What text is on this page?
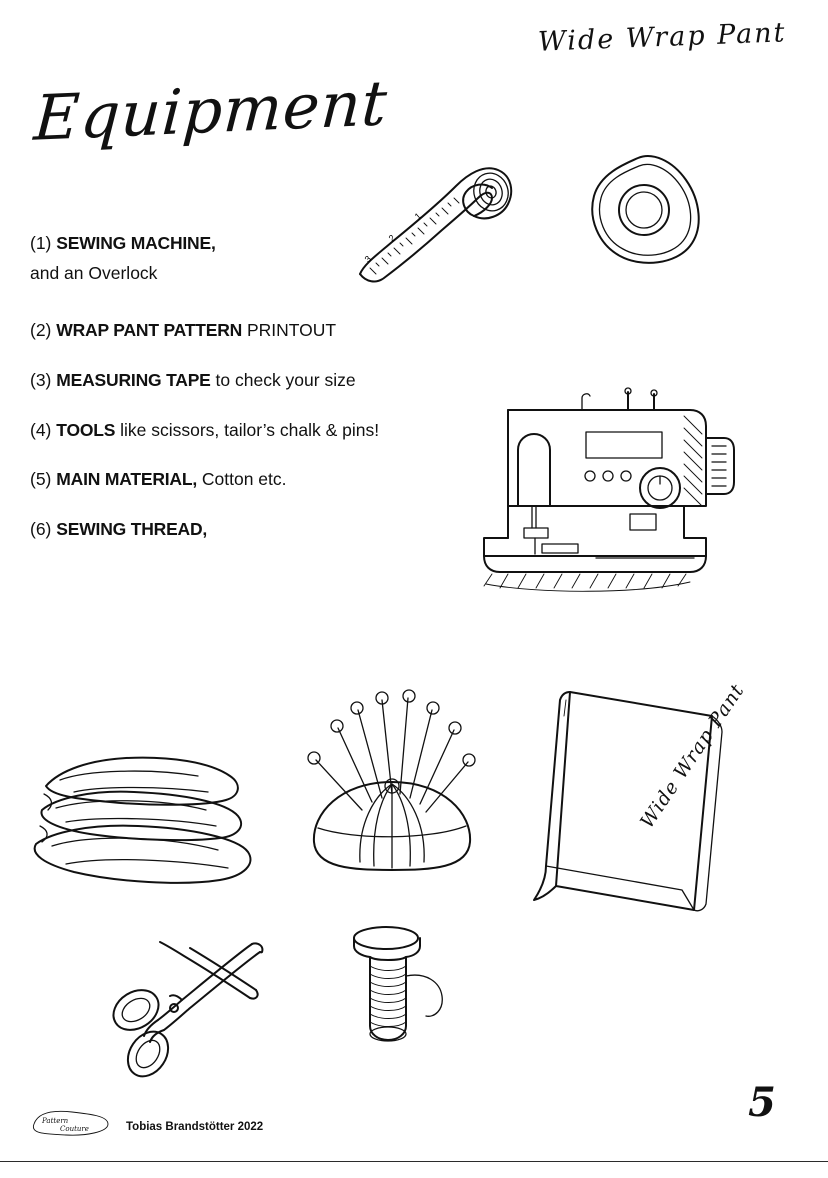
Wide Wrap Pant
Equipment
(1) SEWING MACHINE,
and an Overlock
(2) WRAP PANT PATTERN PRINTOUT
(3) MEASURING TAPE to check your size
(4) TOOLS like scissors, tailor’s chalk & pins!
(5) MAIN MATERIAL, Cotton etc.
(6) SEWING THREAD,
3
2
1
Wide Wrap Pant
Pattern
Couture	Tobias Brandstötter 2022
5
